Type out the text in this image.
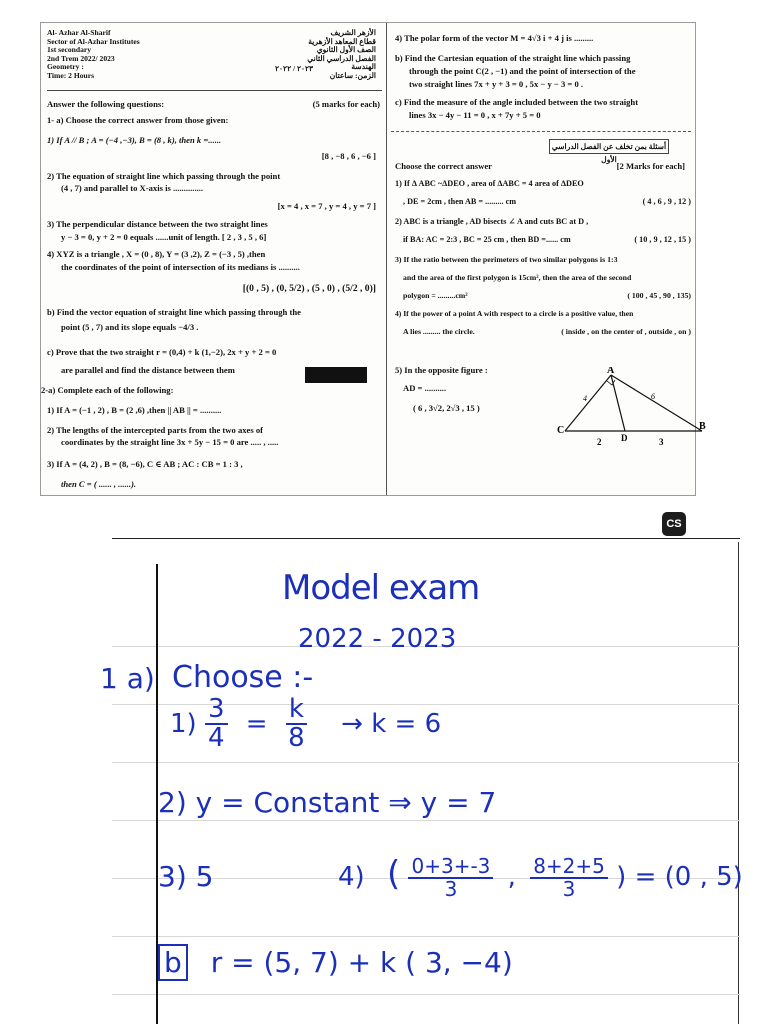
Al- Azhar Al-Sharif
Sector of Al-Azhar Institutes
1st secondary
2nd Trem 2022/ 2023
Geometry :
Time: 2 Hours
٢٠٢٣ / ٢٠٢٢
الأزهر الشريف
قطاع المعاهد الأزهرية
الصف الأول الثانوي
الفصل الدراسي الثاني
الهندسة
الزمن: ساعتان
Answer the following questions:	(5 marks for each)
1- a) Choose the correct answer from those given:
1) If A // B ; A = (−4 ,−3), B = (8 , k), then k =......
[8 , −8 , 6 , −6 ]
2) The equation of straight line which passing through the point
(4 , 7) and parallel to X-axis is ..............
[x = 4 , x = 7 , y = 4 , y = 7 ]
3) The perpendicular distance between the two straight lines
y − 3 = 0, y + 2 = 0 equals ......unit of length. [ 2 , 3 , 5 , 6]
4) XYZ is a triangle , X = (0 , 8), Y = (3 ,2), Z = (−3 , 5) ,then
the coordinates of the point of intersection of its medians is ..........
[(0 , 5) , (0, 5/2) , (5 , 0) , (5/2 , 0)]
b) Find the vector equation of straight line which passing through the
point (5 , 7) and its slope equals −4/3 .
c) Prove that the two straight r = (0,4) + k (1,−2), 2x + y + 2 = 0
are parallel and find the distance between them
2-a) Complete each of the following:
1) If A = (−1 , 2) , B = (2 ,6) ,then || AB || = ..........
2) The lengths of the intercepted parts from the two axes of
coordinates by the straight line 3x + 5y − 15 = 0 are ..... , .....
3) If A = (4, 2) , B = (8, −6), C ∈ AB ; AC : CB = 1 : 3 ,
then C = ( ...... , ......).
4) The polar form of the vector M = 4√3 i + 4 j is .........
b) Find the Cartesian equation of the straight line which passing
through the point C(2 , −1) and the point of intersection of the
two straight lines 7x + y + 3 = 0 , 5x − y − 3 = 0 .
c) Find the measure of the angle included between the two straight
lines 3x − 4y − 11 = 0 , x + 7y + 5 = 0
أسئلة بمن تخلف عن الفصل الدراسي الأول
Choose the correct answer	[2 Marks for each]
1) If Δ ABC ~ΔDEO , area of ΔABC = 4 area of ΔDEO
, DE = 2cm , then AB = ......... cm	( 4 , 6 , 9 , 12 )
2) ABC is a triangle , AD bisects ∠ A and cuts BC at D ,
if BA: AC = 2:3 , BC = 25 cm , then BD =...... cm	( 10 , 9 , 12 , 15 )
3) If the ratio between the perimeters of two similar polygons is 1:3
and the area of the first polygon is 15cm², then the area of the second
polygon = .........cm²	( 100 , 45 , 90 , 135)
4) If the power of a point A with respect to a circle is a positive value, then
A lies ......... the circle.	( inside , on the center of , outside , on )
5) In the opposite figure :
AD = ..........
( 6 , 3√2, 2√3 , 15 )
A
C	B
D
4	6
2	3
CS
Model exam
2022 - 2023
1 a) Choose :-
$1) \frac{3}{4} = \frac{k}{8} \to k = 6$
2) y = Constant ⇒ y = 7
3) 5	4) ( $\frac{0+3+-3}{3}$ , $\frac{8+2+5}{3}$ ) = (0 , 5)
b r = (5, 7) + k ( 3, −4)
